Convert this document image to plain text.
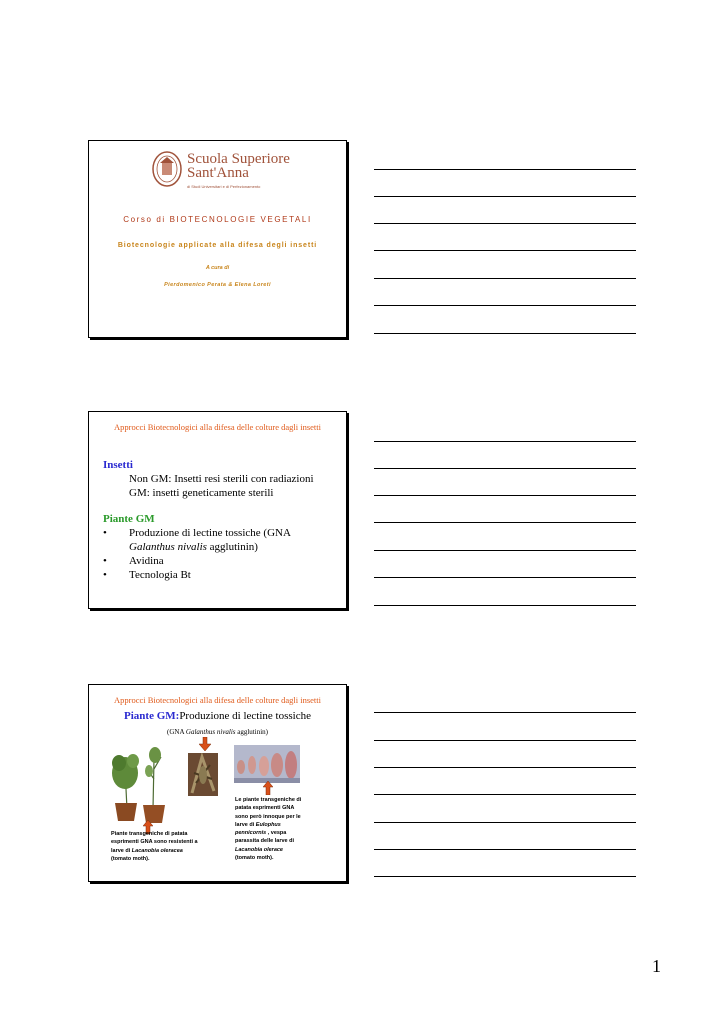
Scuola Superiore
Sant'Anna
di Studi Universitari e di Perfezionamento
Corso di BIOTECNOLOGIE VEGETALI
Biotecnologie applicate alla difesa degli insetti
A cura di
Pierdomenico Perata & Elena Loreti
Approcci Biotecnologici alla difesa delle colture dagli insetti
Insetti
Non GM: Insetti resi sterili con radiazioni
GM: insetti geneticamente sterili
Piante GM
• Produzione di lectine tossiche (GNA
Galanthus nivalis agglutinin)
• Avidina
• Tecnologia Bt
Approcci Biotecnologici alla difesa delle colture dagli insetti
Piante GM:Produzione di lectine tossiche
(GNA Galanthus nivalis agglutinin)
Le piante transgeniche di
patata esprimenti GNA
sono però innoque per le
larve di Eulophus
pennicornis , vespa
parassita delle larve di
Lacanobia olerace
(tomato moth).
Piante transgeniche di patata
esprimenti GNA sono resistenti a
larve di Lacanobia oleracea
(tomato moth).
1
